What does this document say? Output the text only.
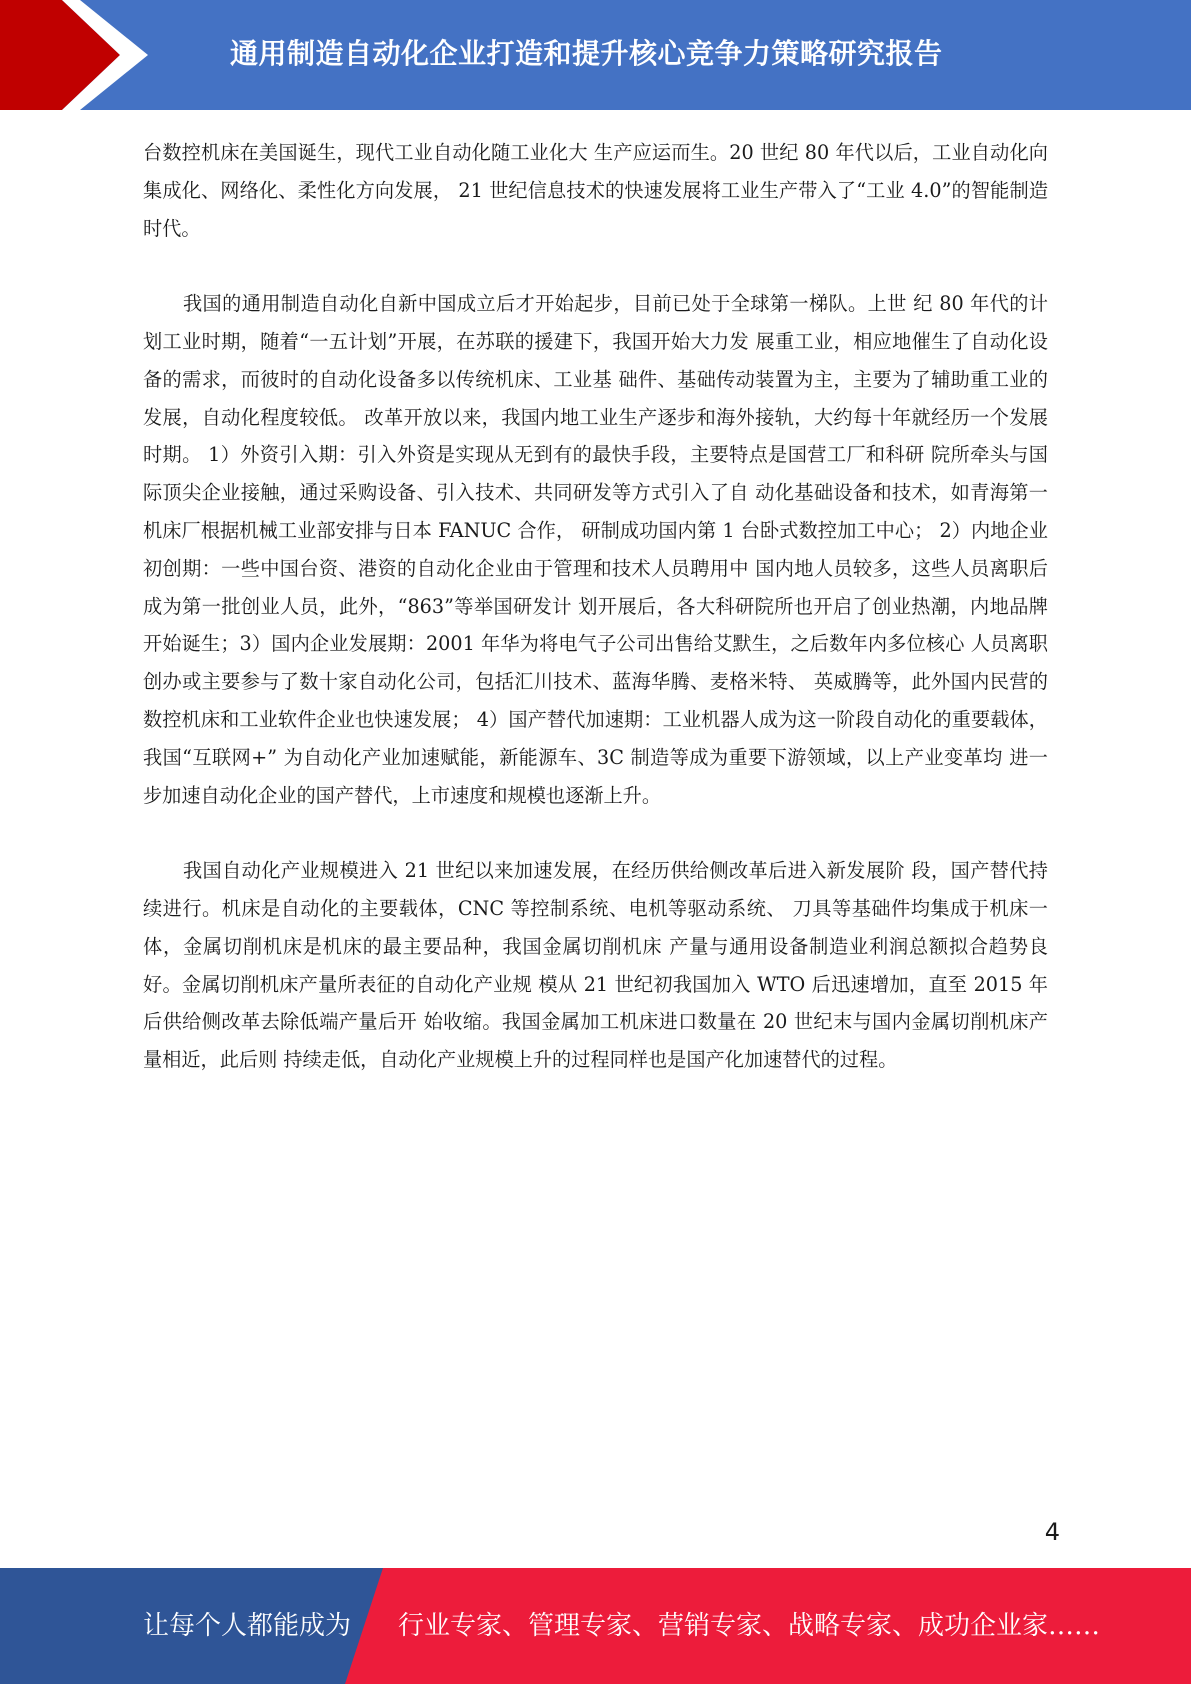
通用制造自动化企业打造和提升核心竞争力策略研究报告

台数控机床在美国诞生，现代工业自动化随工业化大 生产应运而生。20 世纪 80 年代以后，工业自动化向集成化、网络化、柔性化方向发展， 21 世纪信息技术的快速发展将工业生产带入了“工业 4.0”的智能制造时代。

我国的通用制造自动化自新中国成立后才开始起步，目前已处于全球第一梯队。上世 纪 80 年代的计划工业时期，随着“一五计划”开展，在苏联的援建下，我国开始大力发 展重工业，相应地催生了自动化设备的需求，而彼时的自动化设备多以传统机床、工业基 础件、基础传动装置为主，主要为了辅助重工业的发展，自动化程度较低。 改革开放以来，我国内地工业生产逐步和海外接轨，大约每十年就经历一个发展时期。 1）外资引入期：引入外资是实现从无到有的最快手段，主要特点是国营工厂和科研 院所牵头与国际顶尖企业接触，通过采购设备、引入技术、共同研发等方式引入了自 动化基础设备和技术，如青海第一机床厂根据机械工业部安排与日本 FANUC 合作， 研制成功国内第 1 台卧式数控加工中心； 2）内地企业初创期：一些中国台资、港资的自动化企业由于管理和技术人员聘用中 国内地人员较多，这些人员离职后成为第一批创业人员，此外，“863”等举国研发计 划开展后，各大科研院所也开启了创业热潮，内地品牌开始诞生；3）国内企业发展期：2001 年华为将电气子公司出售给艾默生，之后数年内多位核心 人员离职创办或主要参与了数十家自动化公司，包括汇川技术、蓝海华腾、麦格米特、 英威腾等，此外国内民营的数控机床和工业软件企业也快速发展； 4）国产替代加速期：工业机器人成为这一阶段自动化的重要载体，我国“互联网+” 为自动化产业加速赋能，新能源车、3C 制造等成为重要下游领域，以上产业变革均 进一步加速自动化企业的国产替代，上市速度和规模也逐渐上升。

我国自动化产业规模进入 21 世纪以来加速发展，在经历供给侧改革后进入新发展阶 段，国产替代持续进行。机床是自动化的主要载体，CNC 等控制系统、电机等驱动系统、 刀具等基础件均集成于机床一体，金属切削机床是机床的最主要品种，我国金属切削机床 产量与通用设备制造业利润总额拟合趋势良好。金属切削机床产量所表征的自动化产业规 模从 21 世纪初我国加入 WTO 后迅速增加，直至 2015 年后供给侧改革去除低端产量后开 始收缩。我国金属加工机床进口数量在 20 世纪末与国内金属切削机床产量相近，此后则 持续走低，自动化产业规模上升的过程同样也是国产化加速替代的过程。

4
让每个人都能成为 行业专家、管理专家、营销专家、战略专家、成功企业家……
